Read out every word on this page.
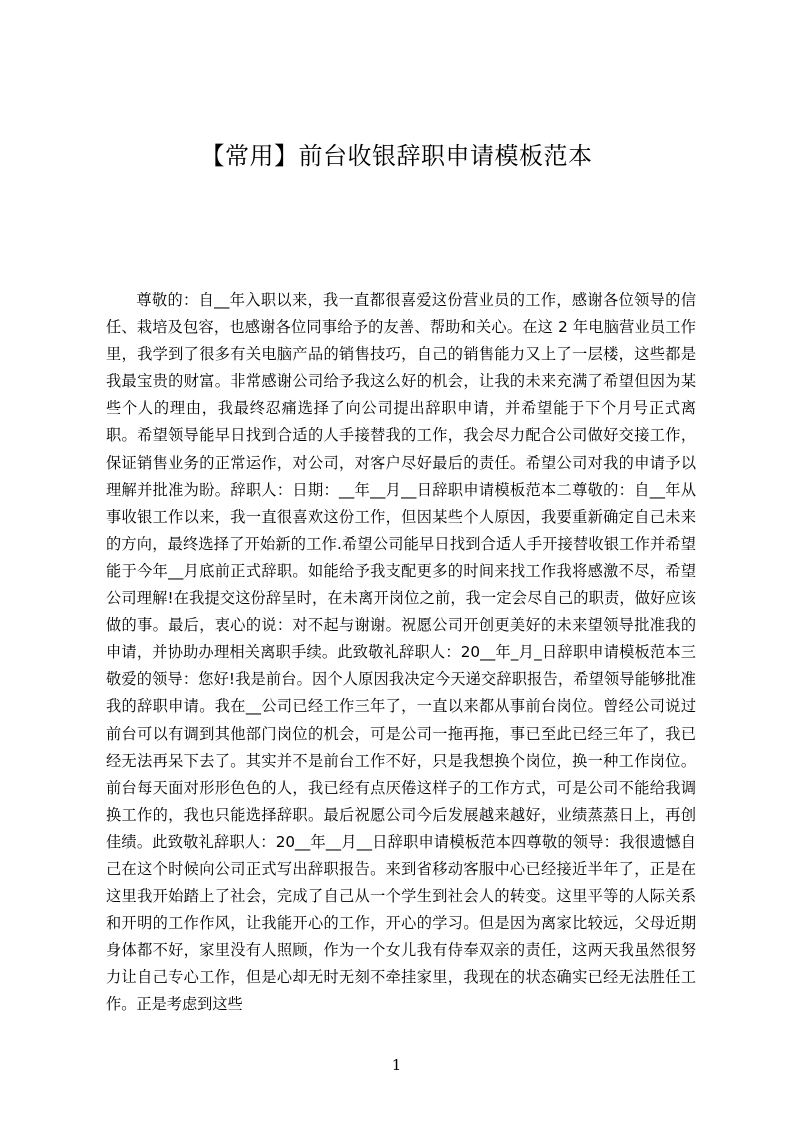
【常用】前台收银辞职申请模板范本

尊敬的：自__年入职以来，我一直都很喜爱这份营业员的工作，感谢各位领导的信任、栽培及包容，也感谢各位同事给予的友善、帮助和关心。在这 2 年电脑营业员工作里，我学到了很多有关电脑产品的销售技巧，自己的销售能力又上了一层楼，这些都是我最宝贵的财富。非常感谢公司给予我这么好的机会，让我的未来充满了希望但因为某些个人的理由，我最终忍痛选择了向公司提出辞职申请，并希望能于下个月号正式离职。希望领导能早日找到合适的人手接替我的工作，我会尽力配合公司做好交接工作，保证销售业务的正常运作，对公司，对客户尽好最后的责任。希望公司对我的申请予以理解并批准为盼。辞职人：日期：__年__月__日辞职申请模板范本二尊敬的：自__年从事收银工作以来，我一直很喜欢这份工作，但因某些个人原因，我要重新确定自己未来的方向，最终选择了开始新的工作.希望公司能早日找到合适人手开接替收银工作并希望能于今年__月底前正式辞职。如能给予我支配更多的时间来找工作我将感激不尽，希望公司理解!在我提交这份辞呈时，在未离开岗位之前，我一定会尽自己的职责，做好应该做的事。最后，衷心的说：对不起与谢谢。祝愿公司开创更美好的未来望领导批准我的申请，并协助办理相关离职手续。此致敬礼辞职人：20__年_月_日辞职申请模板范本三敬爱的领导：您好!我是前台。因个人原因我决定今天递交辞职报告，希望领导能够批准我的辞职申请。我在__公司已经工作三年了，一直以来都从事前台岗位。曾经公司说过前台可以有调到其他部门岗位的机会，可是公司一拖再拖，事已至此已经三年了，我已经无法再呆下去了。其实并不是前台工作不好，只是我想换个岗位，换一种工作岗位。前台每天面对形形色色的人，我已经有点厌倦这样子的工作方式，可是公司不能给我调换工作的，我也只能选择辞职。最后祝愿公司今后发展越来越好，业绩蒸蒸日上，再创佳绩。此致敬礼辞职人：20__年__月__日辞职申请模板范本四尊敬的领导：我很遗憾自己在这个时候向公司正式写出辞职报告。来到省移动客服中心已经接近半年了，正是在这里我开始踏上了社会，完成了自己从一个学生到社会人的转变。这里平等的人际关系和开明的工作作风，让我能开心的工作，开心的学习。但是因为离家比较远，父母近期身体都不好，家里没有人照顾，作为一个女儿我有侍奉双亲的责任，这两天我虽然很努力让自己专心工作，但是心却无时无刻不牵挂家里，我现在的状态确实已经无法胜任工作。正是考虑到这些

1
